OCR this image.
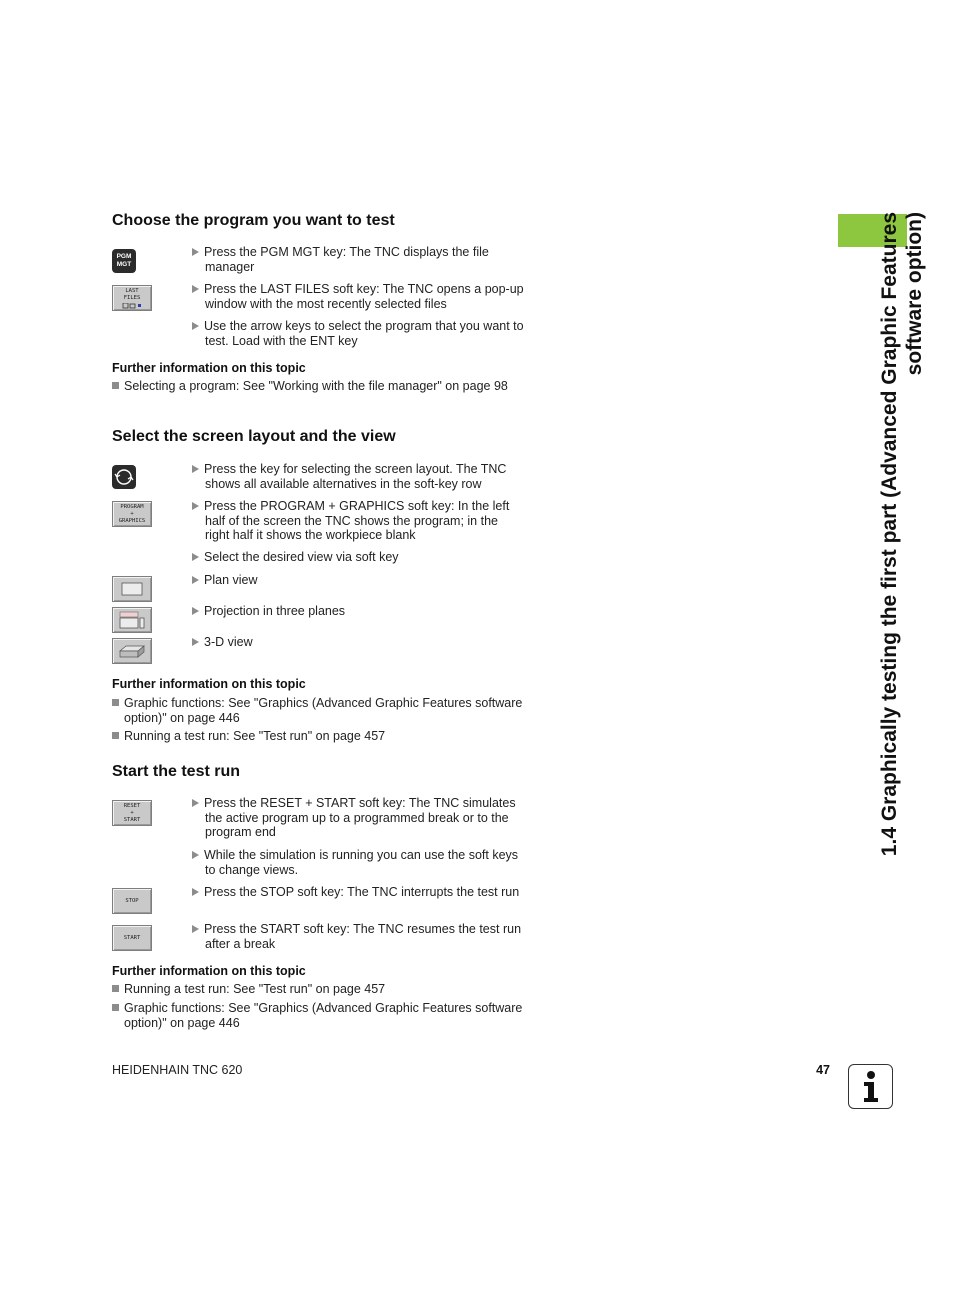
1.4 Graphically testing the first part (Advanced Graphic Features software option)
Choose the program you want to test
PGM
MGT
LAST
FILES
Press the PGM MGT key: The TNC displays the file manager
Press the LAST FILES soft key: The TNC opens a pop-up window with the most recently selected files
Use the arrow keys to select the program that you want to test. Load with the ENT key
Further information on this topic
Selecting a program: See "Working with the file manager" on page 98
Select the screen layout and the view
PROGRAM
+
GRAPHICS
Press the key for selecting the screen layout. The TNC shows all available alternatives in the soft-key row
Press the PROGRAM + GRAPHICS soft key: In the left half of the screen the TNC shows the program; in the right half it shows the workpiece blank
Select the desired view via soft key
Plan view
Projection in three planes
3-D view
Further information on this topic
Graphic functions: See "Graphics (Advanced Graphic Features software option)" on page 446
Running a test run: See "Test run" on page 457
Start the test run
RESET
+
START
STOP
START
Press the RESET + START soft key: The TNC simulates the active program up to a programmed break or to the program end
While the simulation is running you can use the soft keys to change views.
Press the STOP soft key: The TNC interrupts the test run
Press the START soft key: The TNC resumes the test run after a break
Further information on this topic
Running a test run: See "Test run" on page 457
Graphic functions: See "Graphics (Advanced Graphic Features software option)" on page 446
HEIDENHAIN TNC 620	47
